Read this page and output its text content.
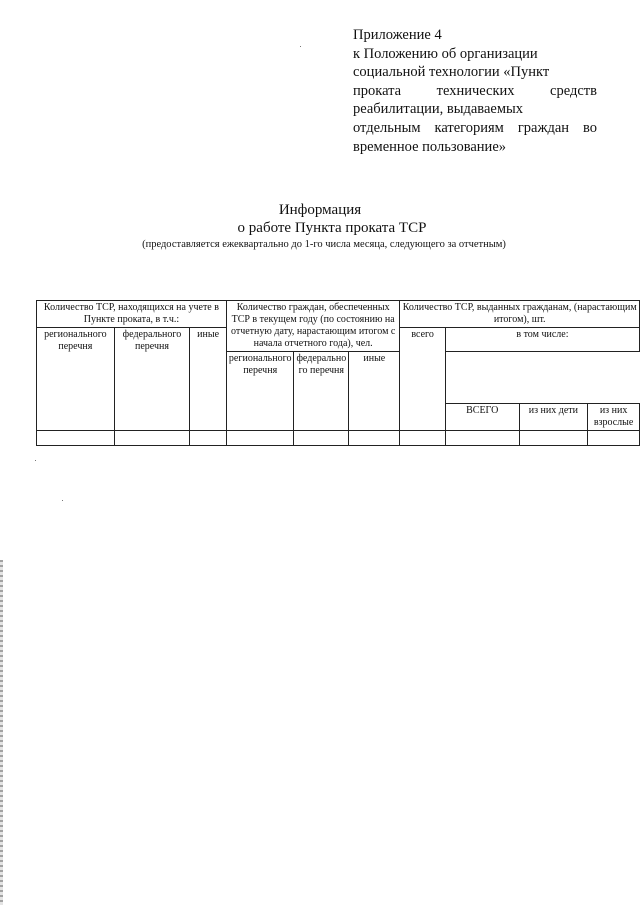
Приложение 4
к Положению об организации
социальной технологии «Пункт
проката технических средств
реабилитации, выдаваемых
отдельным категориям граждан во
временное пользование»
Информация
о работе Пункта проката ТСР
(предоставляется ежеквартально до 1-го числа месяца, следующего за отчетным)
Количество ТСР, находящихся на учете в Пункте проката, в т.ч.:			Количество граждан, обеспеченных ТСР в текущем году (по состоянию на отчетную дату, нарастающим итогом с начала отчетного года), чел.			Количество ТСР, выданных гражданам, (нарастающим итогом), шт.			
регионального перечня	федерального перечня	иные				всего	в том числе:		
			регионального перечня	федерально го перечня	иные				
							ВСЕГО	из них дети	из них взрослые
